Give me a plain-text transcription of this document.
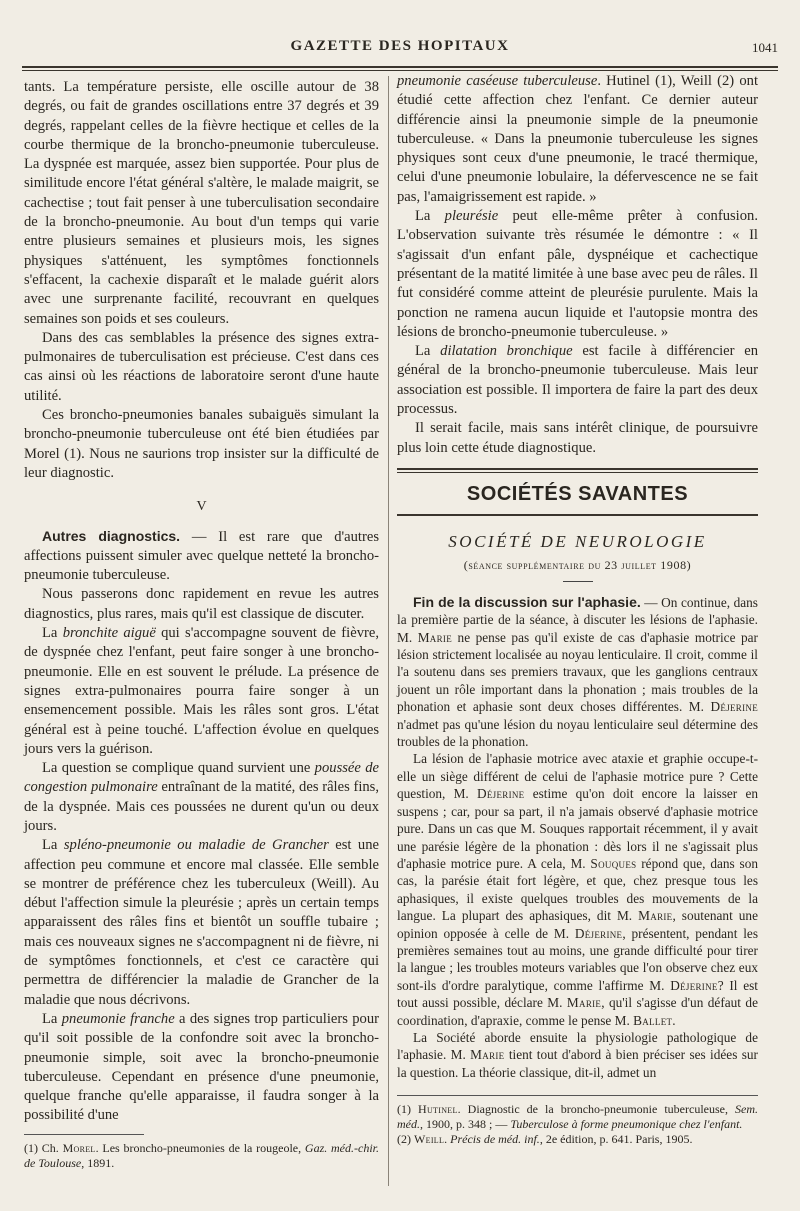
GAZETTE DES HOPITAUX	1041

tants. La température persiste, elle oscille autour de 38 degrés, ou fait de grandes oscillations entre 37 degrés et 39 degrés, rappelant celles de la fièvre hectique et celles de la courbe thermique de la broncho-pneumonie tuberculeuse. La dyspnée est marquée, assez bien supportée. Pour plus de similitude encore l'état général s'altère, le malade maigrit, se cachectise ; tout fait penser à une tuberculisation secondaire de la broncho-pneumonie. Au bout d'un temps qui varie entre plusieurs semaines et plusieurs mois, les signes physiques s'atténuent, les symptômes fonctionnels s'effacent, la cachexie disparaît et le malade guérit alors avec une surprenante facilité, recouvrant en quelques semaines son poids et ses couleurs.

Dans des cas semblables la présence des signes extra-pulmonaires de tuberculisation est précieuse. C'est dans ces cas ainsi où les réactions de laboratoire seront d'une haute utilité.

Ces broncho-pneumonies banales subaiguës simulant la broncho-pneumonie tuberculeuse ont été bien étudiées par Morel (1). Nous ne saurions trop insister sur la difficulté de leur diagnostic.

V

Autres diagnostics. — Il est rare que d'autres affections puissent simuler avec quelque netteté la broncho-pneumonie tuberculeuse.

Nous passerons donc rapidement en revue les autres diagnostics, plus rares, mais qu'il est classique de discuter.

La bronchite aiguë qui s'accompagne souvent de fièvre, de dyspnée chez l'enfant, peut faire songer à une broncho-pneumonie. Elle en est souvent le prélude. La présence de signes extra-pulmonaires pourra faire songer à un ensemencement possible. Mais les râles sont gros. L'état général est à peine touché. L'affection évolue en quelques jours vers la guérison.

La question se complique quand survient une poussée de congestion pulmonaire entraînant de la matité, des râles fins, de la dyspnée. Mais ces poussées ne durent qu'un ou deux jours.

La spléno-pneumonie ou maladie de Grancher est une affection peu commune et encore mal classée. Elle semble se montrer de préférence chez les tuberculeux (Weill). Au début l'affection simule la pleurésie ; après un certain temps apparaissent des râles fins et bientôt un souffle tubaire ; mais ces nouveaux signes ne s'accompagnent ni de fièvre, ni de symptômes fonctionnels, et c'est ce caractère qui permettra de différencier la maladie de Grancher de la maladie que nous décrivons.

La pneumonie franche a des signes trop particuliers pour qu'il soit possible de la confondre soit avec la broncho-pneumonie simple, soit avec la broncho-pneumonie tuberculeuse. Cependant en présence d'une pneumonie, quelque franche qu'elle apparaisse, il faudra songer à la possibilité d'une

(1) Ch. Morel. Les broncho-pneumonies de la rougeole, Gaz. méd.-chir. de Toulouse, 1891.

pneumonie caséeuse tuberculeuse. Hutinel (1), Weill (2) ont étudié cette affection chez l'enfant. Ce dernier auteur différencie ainsi la pneumonie simple de la pneumonie tuberculeuse. « Dans la pneumonie tuberculeuse les signes physiques sont ceux d'une pneumonie, le tracé thermique, celui d'une pneumonie lobulaire, la défervescence ne se fait pas, l'amaigrissement est rapide. »

La pleurésie peut elle-même prêter à confusion. L'observation suivante très résumée le démontre : « Il s'agissait d'un enfant pâle, dyspnéique et cachectique présentant de la matité limitée à une base avec peu de râles. Il fut considéré comme atteint de pleurésie purulente. Mais la ponction ne ramena aucun liquide et l'autopsie montra des lésions de broncho-pneumonie tuberculeuse. »

La dilatation bronchique est facile à différencier en général de la broncho-pneumonie tuberculeuse. Mais leur association est possible. Il importera de faire la part des deux processus.

Il serait facile, mais sans intérêt clinique, de poursuivre plus loin cette étude diagnostique.

SOCIÉTÉS SAVANTES
SOCIÉTÉ DE NEUROLOGIE
(séance supplémentaire du 23 juillet 1908)

Fin de la discussion sur l'aphasie. — On continue, dans la première partie de la séance, à discuter les lésions de l'aphasie. M. Marie ne pense pas qu'il existe de cas d'aphasie motrice par lésion strictement localisée au noyau lenticulaire. Il croit, comme il l'a soutenu dans ses premiers travaux, que les ganglions centraux jouent un rôle important dans la phonation ; mais troubles de la phonation et aphasie sont deux choses différentes. M. Déjerine n'admet pas qu'une lésion du noyau lenticulaire seul détermine des troubles de la phonation.

La lésion de l'aphasie motrice avec ataxie et graphie occupe-t-elle un siège différent de celui de l'aphasie motrice pure ? Cette question, M. Déjerine estime qu'on doit encore la laisser en suspens ; car, pour sa part, il n'a jamais observé d'aphasie motrice pure. Dans un cas que M. Souques rapportait récemment, il y avait une parésie légère de la phonation : dès lors il ne s'agissait plus d'aphasie motrice pure. A cela, M. Souques répond que, dans son cas, la parésie était fort légère, et que, chez presque tous les aphasiques, il existe quelques troubles des mouvements de la langue. La plupart des aphasiques, dit M. Marie, soutenant une opinion opposée à celle de M. Déjerine, présentent, pendant les premières semaines tout au moins, une grande difficulté pour tirer la langue ; les troubles moteurs variables que l'on observe chez eux sont-ils d'ordre paralytique, comme l'affirme M. Déjerine? Il est tout aussi possible, déclare M. Marie, qu'il s'agisse d'un défaut de coordination, d'apraxie, comme le pense M. Ballet.

La Société aborde ensuite la physiologie pathologique de l'aphasie. M. Marie tient tout d'abord à bien préciser ses idées sur la question. La théorie classique, dit-il, admet un

(1) Hutinel. Diagnostic de la broncho-pneumonie tuberculeuse, Sem. méd., 1900, p. 348 ; — Tuberculose à forme pneumonique chez l'enfant.

(2) Weill. Précis de méd. inf., 2e édition, p. 641. Paris, 1905.
